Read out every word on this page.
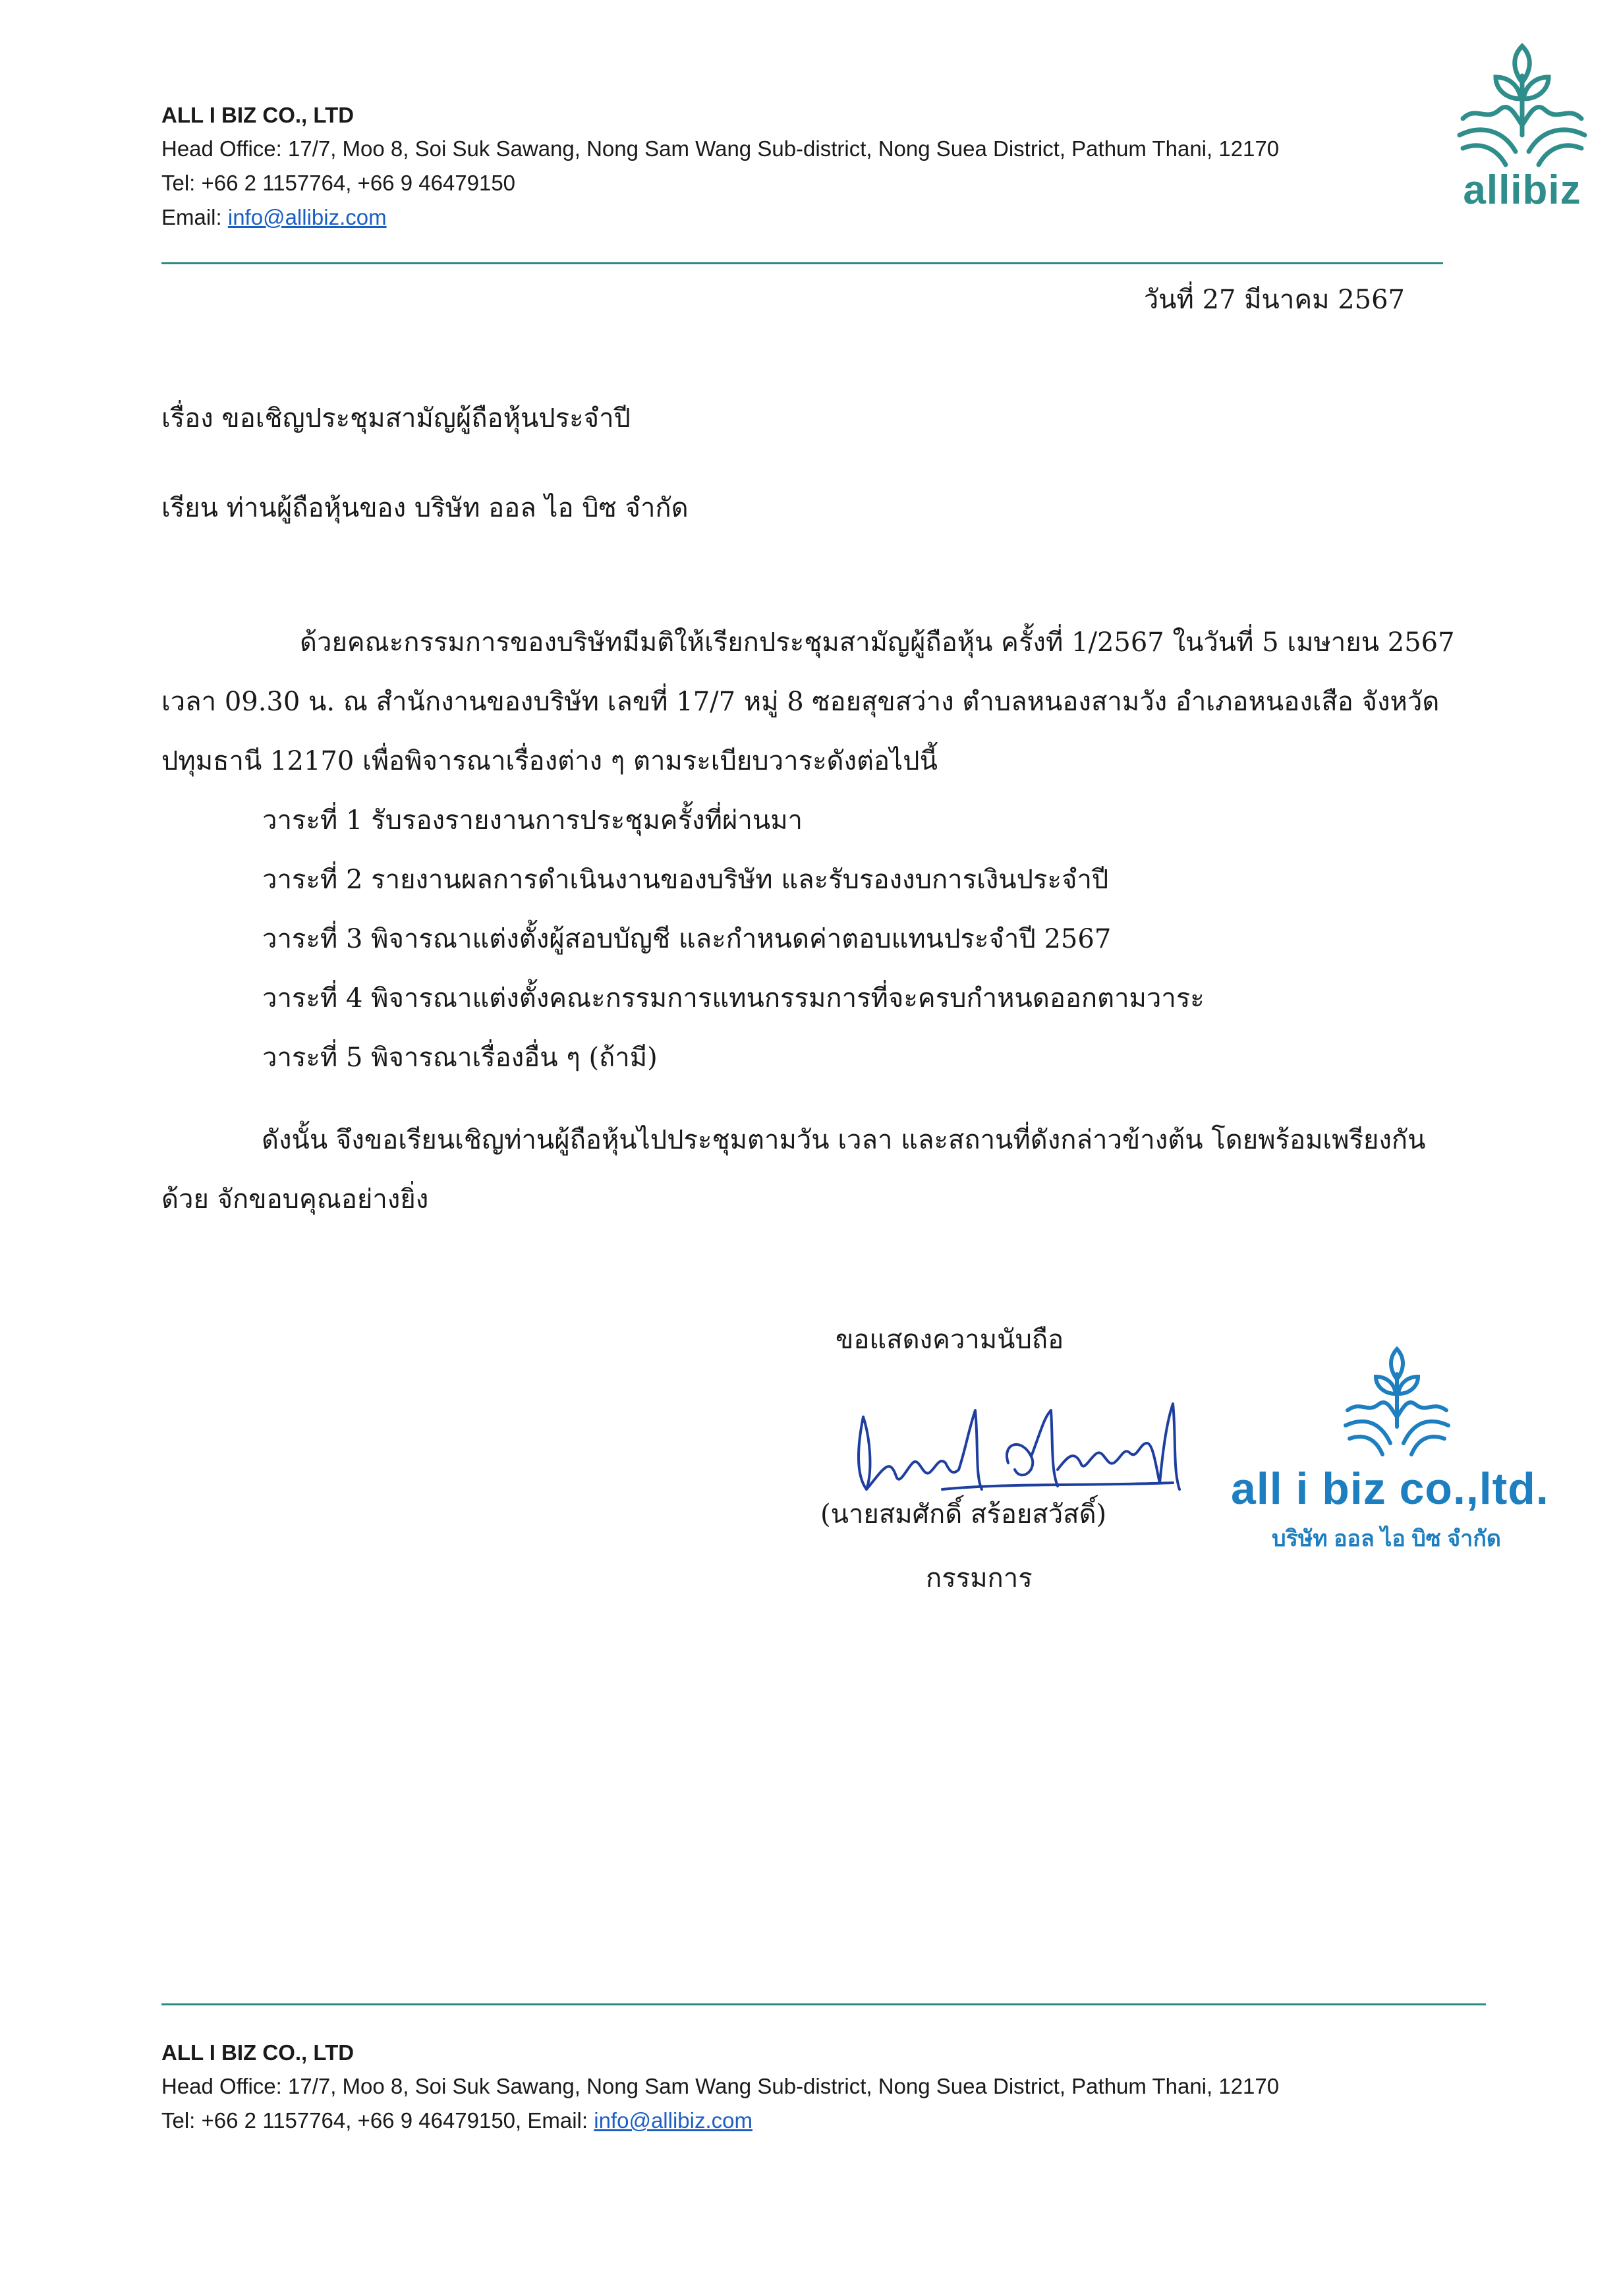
ALL I BIZ CO., LTD
Head Office: 17/7, Moo 8, Soi Suk Sawang, Nong Sam Wang Sub-district, Nong Suea District, Pathum Thani, 12170
Tel: +66 2 1157764, +66 9 46479150
Email: info@allibiz.com
allibiz
วันที่ 27 มีนาคม 2567
เรื่อง ขอเชิญประชุมสามัญผู้ถือหุ้นประจำปี
เรียน ท่านผู้ถือหุ้นของ บริษัท ออล ไอ บิซ จำกัด

ด้วยคณะกรรมการของบริษัทมีมติให้เรียกประชุมสามัญผู้ถือหุ้น ครั้งที่ 1/2567 ในวันที่ 5 เมษายน 2567

เวลา 09.30 น. ณ สำนักงานของบริษัท เลขที่ 17/7 หมู่ 8 ซอยสุขสว่าง ตำบลหนองสามวัง อำเภอหนองเสือ จังหวัด

ปทุมธานี 12170 เพื่อพิจารณาเรื่องต่าง ๆ ตามระเบียบวาระดังต่อไปนี้

วาระที่ 1 รับรองรายงานการประชุมครั้งที่ผ่านมา
วาระที่ 2 รายงานผลการดำเนินงานของบริษัท และรับรองงบการเงินประจำปี
วาระที่ 3 พิจารณาแต่งตั้งผู้สอบบัญชี และกำหนดค่าตอบแทนประจำปี 2567
วาระที่ 4 พิจารณาแต่งตั้งคณะกรรมการแทนกรรมการที่จะครบกำหนดออกตามวาระ
วาระที่ 5 พิจารณาเรื่องอื่น ๆ (ถ้ามี)

ดังนั้น จึงขอเรียนเชิญท่านผู้ถือหุ้นไปประชุมตามวัน เวลา และสถานที่ดังกล่าวข้างต้น โดยพร้อมเพรียงกัน

ด้วย จักขอบคุณอย่างยิ่ง

ขอแสดงความนับถือ
(นายสมศักดิ์ สร้อยสวัสดิ์)
กรรมการ
all i biz co.,ltd.
บริษัท ออล ไอ บิซ จำกัด
ALL I BIZ CO., LTD
Head Office: 17/7, Moo 8, Soi Suk Sawang, Nong Sam Wang Sub-district, Nong Suea District, Pathum Thani, 12170
Tel: +66 2 1157764, +66 9 46479150, Email: info@allibiz.com
